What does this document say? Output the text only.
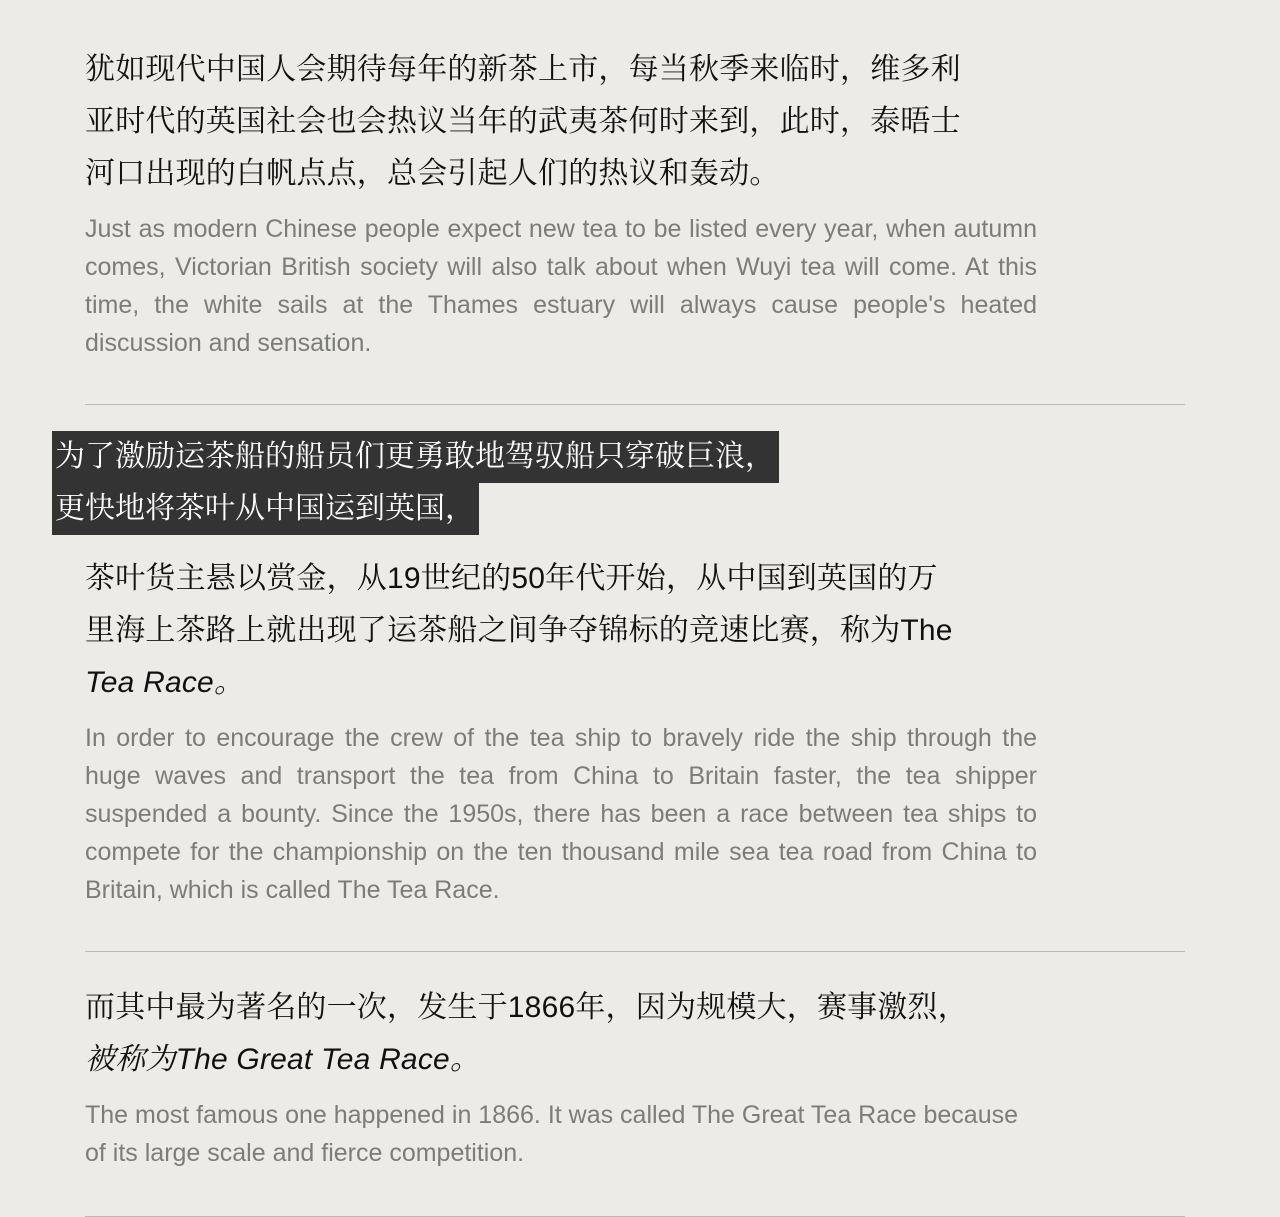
犹如现代中国人会期待每年的新茶上市，每当秋季来临时，维多利
亚时代的英国社会也会热议当年的武夷茶何时来到，此时，泰晤士
河口出现的白帆点点，总会引起人们的热议和轰动。
Just as modern Chinese people expect new tea to be listed every year, when autumn comes, Victorian British society will also talk about when Wuyi tea will come. At this time, the white sails at the Thames estuary will always cause people's heated discussion and sensation.
为了激励运茶船的船员们更勇敢地驾驭船只穿破巨浪，
更快地将茶叶从中国运到英国，
茶叶货主悬以赏金，从19世纪的50年代开始，从中国到英国的万
里海上茶路上就出现了运茶船之间争夺锦标的竞速比赛，称为The
Tea Race。
In order to encourage the crew of the tea ship to bravely ride the ship through the huge waves and transport the tea from China to Britain faster, the tea shipper suspended a bounty. Since the 1950s, there has been a race between tea ships to compete for the championship on the ten thousand mile sea tea road from China to Britain, which is called The Tea Race.
而其中最为著名的一次，发生于1866年，因为规模大，赛事激烈，
被称为The Great Tea Race。
The most famous one happened in 1866. It was called The Great Tea Race because of its large scale and fierce competition.
